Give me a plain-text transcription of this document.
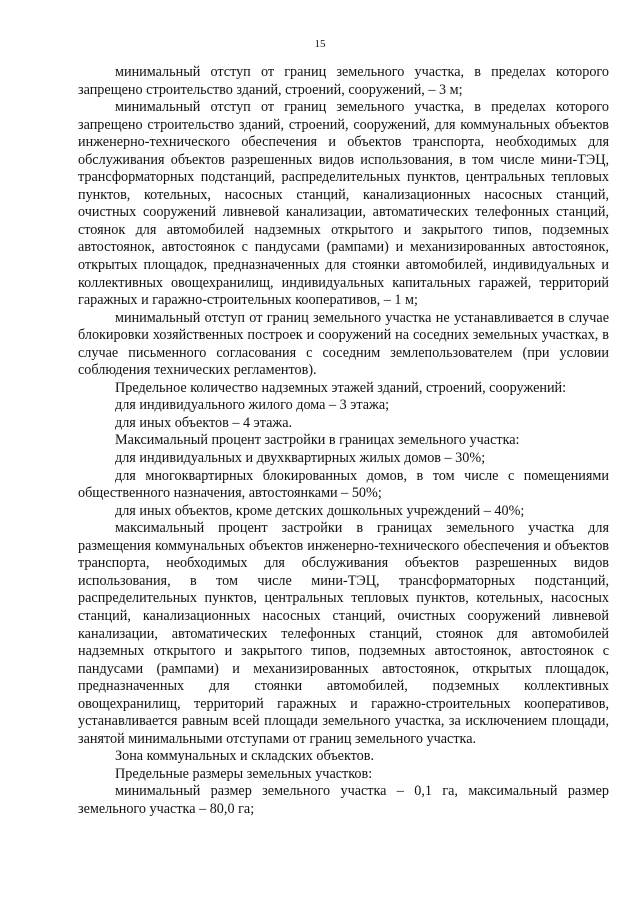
15

минимальный отступ от границ земельного участка, в пределах которого запрещено строительство зданий, строений, сооружений, – 3 м;

минимальный отступ от границ земельного участка, в пределах которого запрещено строительство зданий, строений, сооружений, для коммунальных объектов инженерно-технического обеспечения и объектов транспорта, необходимых для обслуживания объектов разрешенных видов использования, в том числе мини-ТЭЦ, трансформаторных подстанций, распределительных пунктов, центральных тепловых пунктов, котельных, насосных станций, канализационных насосных станций, очистных сооружений ливневой канализации, автоматических телефонных станций, стоянок для автомобилей надземных открытого и закрытого типов, подземных автостоянок, автостоянок с пандусами (рампами) и механизированных автостоянок, открытых площадок, предназначенных для стоянки автомобилей, индивидуальных и коллективных овощехранилищ, индивидуальных капитальных гаражей, территорий гаражных и гаражно-строительных кооперативов, – 1 м;

минимальный отступ от границ земельного участка не устанавливается в случае блокировки хозяйственных построек и сооружений на соседних земельных участках, в случае письменного согласования с соседним землепользователем (при условии соблюдения технических регламентов).

Предельное количество надземных этажей зданий, строений, сооружений:

для индивидуального жилого дома – 3 этажа;

для иных объектов – 4 этажа.

Максимальный процент застройки в границах земельного участка:

для индивидуальных и двухквартирных жилых домов – 30%;

для многоквартирных блокированных домов, в том числе с помещениями общественного назначения, автостоянками – 50%;

для иных объектов, кроме детских дошкольных учреждений – 40%;

максимальный процент застройки в границах земельного участка для размещения коммунальных объектов инженерно-технического обеспечения и объектов транспорта, необходимых для обслуживания объектов разрешенных видов использования, в том числе мини-ТЭЦ, трансформаторных подстанций, распределительных пунктов, центральных тепловых пунктов, котельных, насосных станций, канализационных насосных станций, очистных сооружений ливневой канализации, автоматических телефонных станций, стоянок для автомобилей надземных открытого и закрытого типов, подземных автостоянок, автостоянок с пандусами (рампами) и механизированных автостоянок, открытых площадок, предназначенных для стоянки автомобилей, подземных коллективных овощехранилищ, территорий гаражных и гаражно-строительных кооперативов, устанавливается равным всей площади земельного участка, за исключением площади, занятой минимальными отступами от границ земельного участка.

Зона коммунальных и складских объектов.

Предельные размеры земельных участков:

минимальный размер земельного участка – 0,1 га, максимальный размер земельного участка – 80,0 га;
